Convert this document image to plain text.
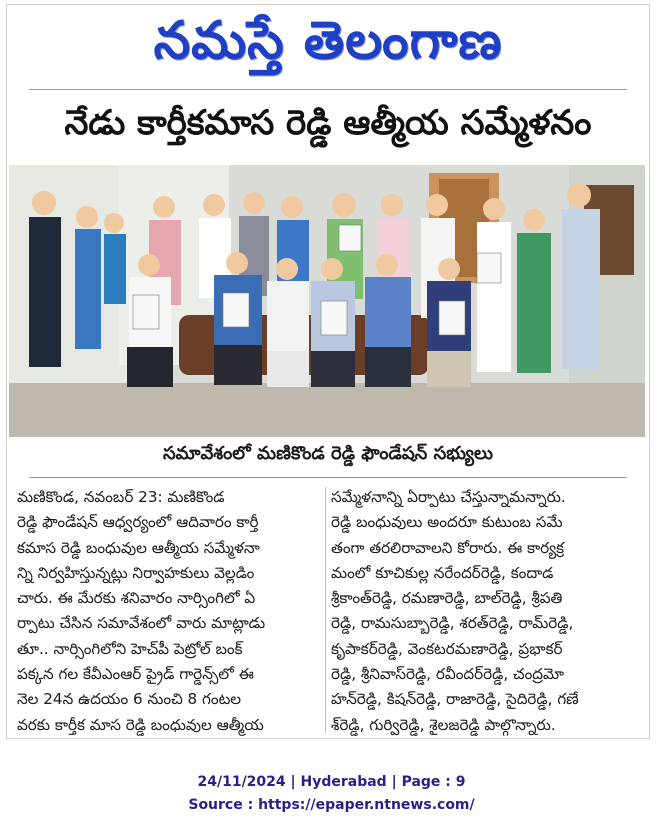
నమస్తే తెలంగాణ
నేడు కార్తీకమాస రెడ్డి ఆత్మీయ సమ్మేళనం
సమావేశంలో మణికొండ రెడ్డి ఫౌండేషన్ సభ్యులు
మణికొండ, నవంబర్ 23: మణికొండ
రెడ్డి ఫౌండేషన్ ఆధ్వర్యంలో ఆదివారం కార్తీ
కమాస రెడ్డి బంధువుల ఆత్మీయ సమ్మేళనా
న్ని నిర్వహిస్తున్నట్లు నిర్వాహకులు వెల్లడిం
చారు. ఈ మేరకు శనివారం నార్సింగిలో ఏ
ర్పాటు చేసిన సమావేశంలో వారు మాట్లాడు
తూ.. నార్సింగిలోని హెచ్‌పీ పెట్రోల్ బంక్
పక్కన గల కేవీఎంఆర్ ప్రైడ్ గార్డెన్స్‌లో ఈ
నెల 24న ఉదయం 6 నుంచి 8 గంటల
వరకు కార్తీక మాస రెడ్డి బంధువుల ఆత్మీయ
సమ్మేళనాన్ని ఏర్పాటు చేస్తున్నామన్నారు.
రెడ్డి బంధువులు అందరూ కుటుంబ సమే
తంగా తరలిరావాలని కోరారు. ఈ కార్యక్ర
మంలో కూచికుల్ల నరేందర్‌రెడ్డి, కందాడ
శ్రీకాంత్‌రెడ్డి, రమణారెడ్డి, బాల్‌రెడ్డి, శ్రీపతి
రెడ్డి, రామసుబ్బారెడ్డి, శరత్‌రెడ్డి, రామ్‌రెడ్డి,
కృపాకర్‌రెడ్డి, వెంకటరమణారెడ్డి, ప్రభాకర్
రెడ్డి, శ్రీనివాస్‌రెడ్డి, రవీందర్‌రెడ్డి, చంద్రమో
హన్‌రెడ్డి, కిషన్‌రెడ్డి, రాజారెడ్డి, సైదిరెడ్డి, గణే
శ్‌రెడ్డి, గుర్విరెడ్డి, శైలజరెడ్డి పాల్గొన్నారు.
24/11/2024 | Hyderabad | Page : 9
Source : https://epaper.ntnews.com/
